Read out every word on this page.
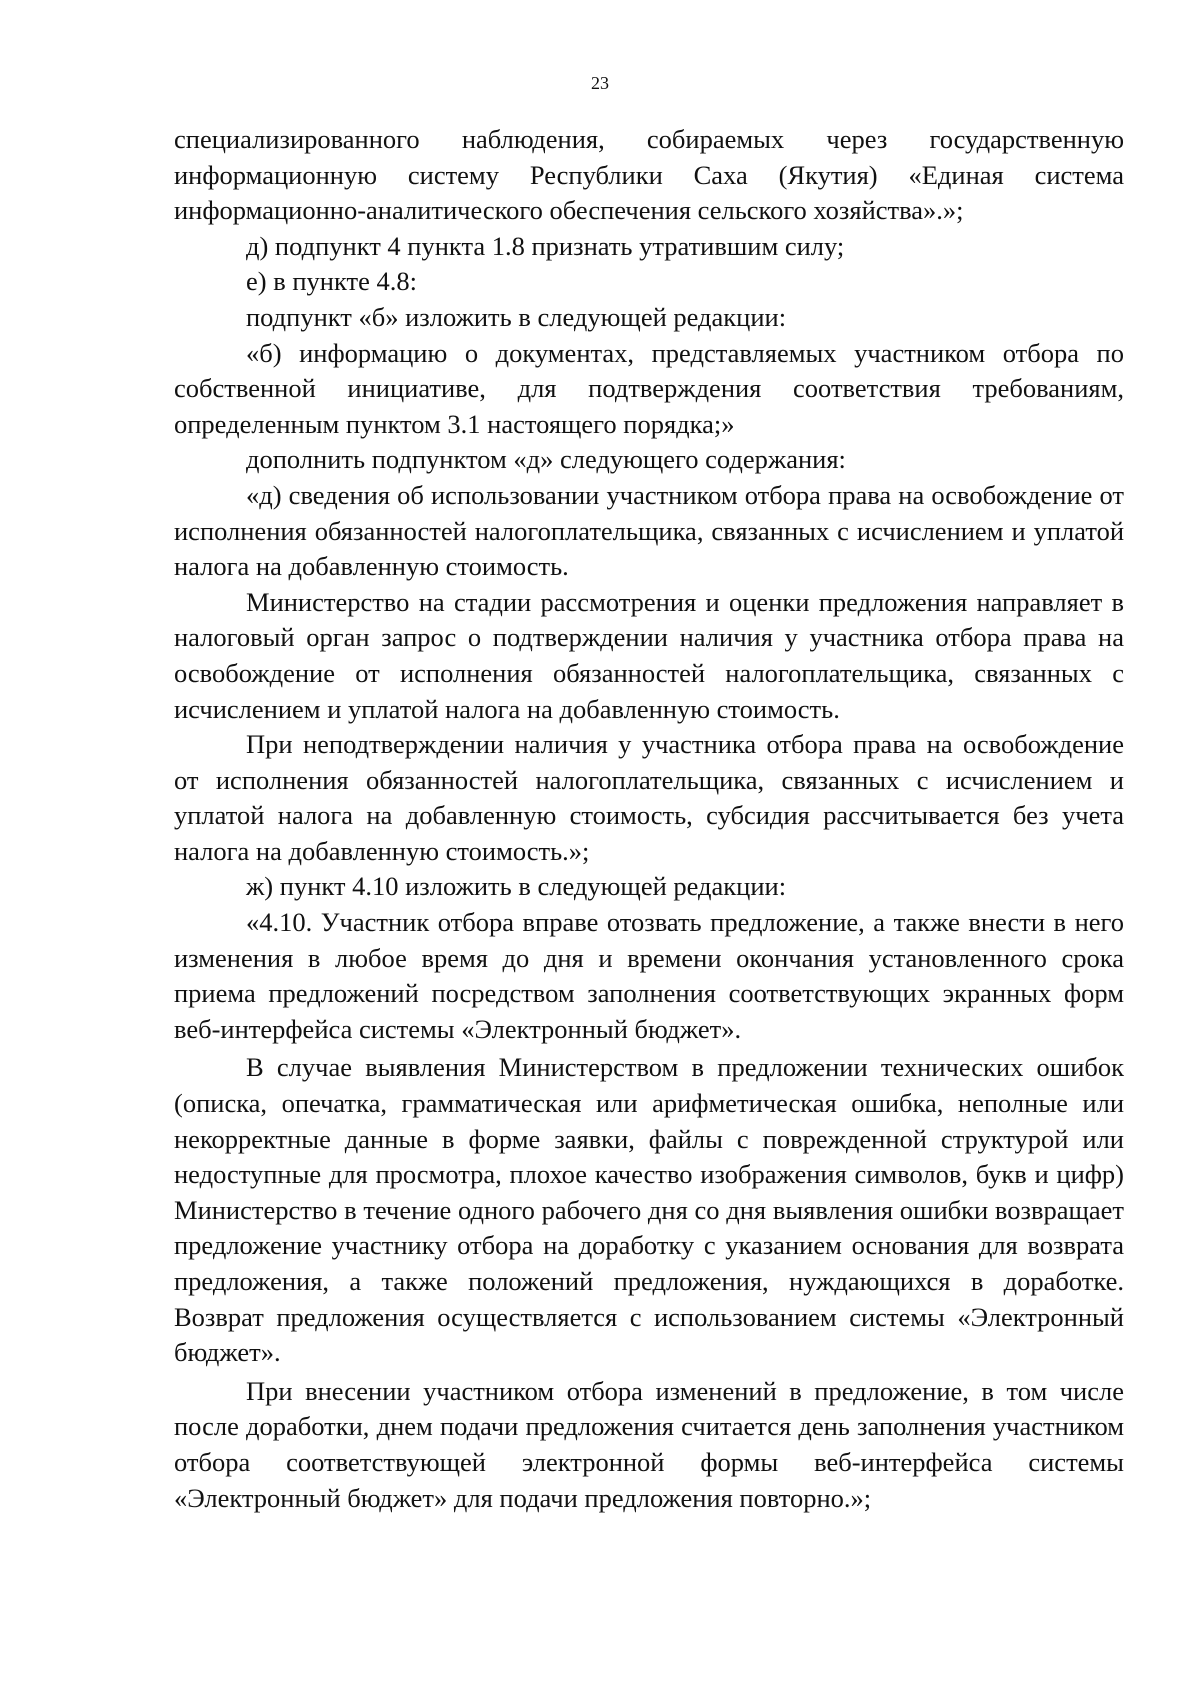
23

специализированного наблюдения, собираемых через государственную информационную систему Республики Саха (Якутия) «Единая система информационно-аналитического обеспечения сельского хозяйства».»;

д) подпункт 4 пункта 1.8 признать утратившим силу;

е) в пункте 4.8:

подпункт «б» изложить в следующей редакции:

«б) информацию о документах, представляемых участником отбора по собственной инициативе, для подтверждения соответствия требованиям, определенным пунктом 3.1 настоящего порядка;»

дополнить подпунктом «д» следующего содержания:

«д) сведения об использовании участником отбора права на освобождение от исполнения обязанностей налогоплательщика, связанных с исчислением и уплатой налога на добавленную стоимость.

Министерство на стадии рассмотрения и оценки предложения направляет в налоговый орган запрос о подтверждении наличия у участника отбора права на освобождение от исполнения обязанностей налогоплательщика, связанных с исчислением и уплатой налога на добавленную стоимость.

При неподтверждении наличия у участника отбора права на освобождение от исполнения обязанностей налогоплательщика, связанных с исчислением и уплатой налога на добавленную стоимость, субсидия рассчитывается без учета налога на добавленную стоимость.»;

ж) пункт 4.10 изложить в следующей редакции:

«4.10. Участник отбора вправе отозвать предложение, а также внести в него изменения в любое время до дня и времени окончания установленного срока приема предложений посредством заполнения соответствующих экранных форм веб-интерфейса системы «Электронный бюджет».

В случае выявления Министерством в предложении технических ошибок (описка, опечатка, грамматическая или арифметическая ошибка, неполные или некорректные данные в форме заявки, файлы с поврежденной структурой или недоступные для просмотра, плохое качество изображения символов, букв и цифр) Министерство в течение одного рабочего дня со дня выявления ошибки возвращает предложение участнику отбора на доработку с указанием основания для возврата предложения, а также положений предложения, нуждающихся в доработке. Возврат предложения осуществляется с использованием системы «Электронный бюджет».

При внесении участником отбора изменений в предложение, в том числе после доработки, днем подачи предложения считается день заполнения участником отбора соответствующей электронной формы веб-интерфейса системы «Электронный бюджет» для подачи предложения повторно.»;
